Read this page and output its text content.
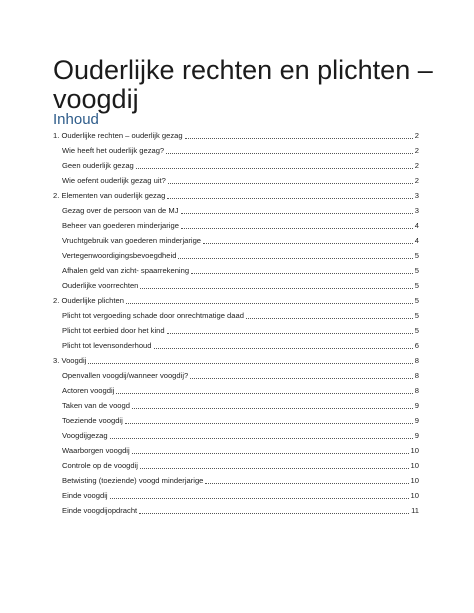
Ouderlijke rechten en plichten – voogdij
Inhoud
1. Ouderlijke rechten – ouderlijk gezag	2
Wie heeft het ouderlijk gezag?	2
Geen ouderlijk gezag	2
Wie oefent ouderlijk gezag uit?	2
2. Elementen van ouderlijk gezag	3
Gezag over de persoon van de MJ	3
Beheer van goederen minderjarige	4
Vruchtgebruik van goederen minderjarige	4
Vertegenwoordigingsbevoegdheid	5
Afhalen geld van zicht- spaarrekening	5
Ouderlijke voorrechten	5
2. Ouderlijke plichten	5
Plicht tot vergoeding schade door onrechtmatige daad	5
Plicht tot eerbied door het kind	5
Plicht tot levensonderhoud	6
3. Voogdij	8
Openvallen voogdij/wanneer voogdij?	8
Actoren voogdij	8
Taken van de voogd	9
Toeziende voogdij	9
Voogdijgezag	9
Waarborgen voogdij	10
Controle op de voogdij	10
Betwisting (toeziende) voogd minderjarige	10
Einde voogdij	10
Einde voogdijopdracht	11
